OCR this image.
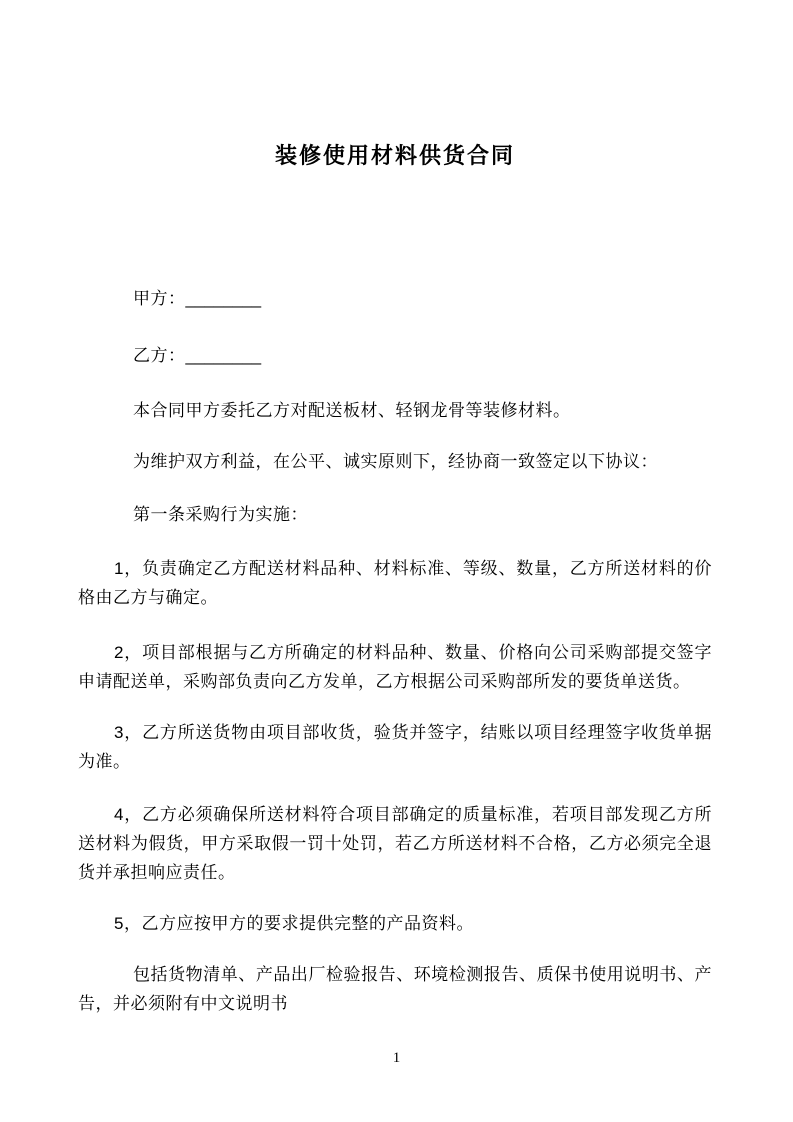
装修使用材料供货合同

甲方：________

乙方：________

本合同甲方委托乙方对配送板材、轻钢龙骨等装修材料。

为维护双方利益，在公平、诚实原则下，经协商一致签定以下协议：

第一条采购行为实施：

1，负责确定乙方配送材料品种、材料标准、等级、数量，乙方所送材料的价格由乙方与确定。

2，项目部根据与乙方所确定的材料品种、数量、价格向公司采购部提交签字申请配送单，采购部负责向乙方发单，乙方根据公司采购部所发的要货单送货。

3，乙方所送货物由项目部收货，验货并签字，结账以项目经理签字收货单据为准。

4，乙方必须确保所送材料符合项目部确定的质量标准，若项目部发现乙方所送材料为假货，甲方采取假一罚十处罚，若乙方所送材料不合格，乙方必须完全退货并承担响应责任。

5，乙方应按甲方的要求提供完整的产品资料。

包括货物清单、产品出厂检验报告、环境检测报告、质保书使用说明书、产告，并必须附有中文说明书

1
